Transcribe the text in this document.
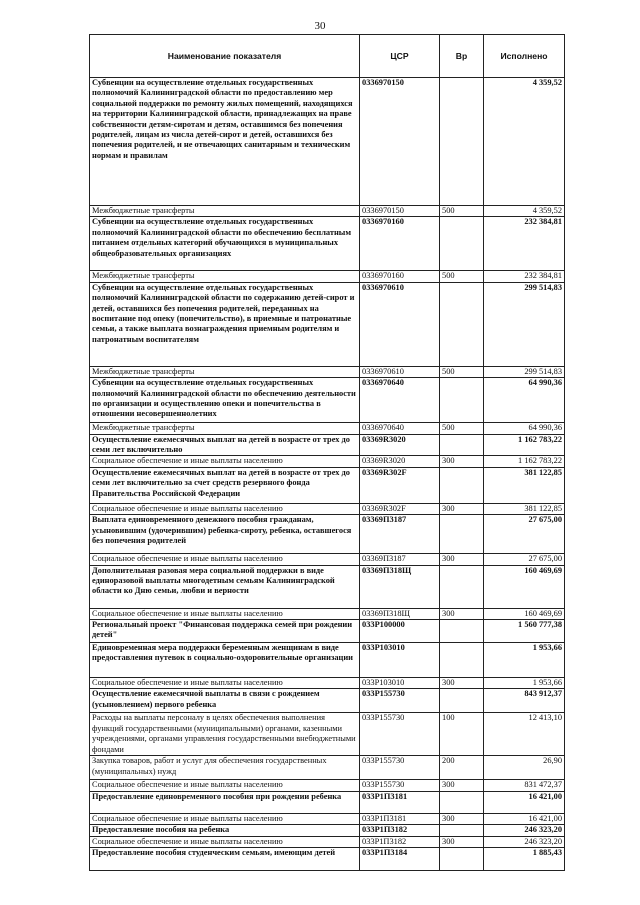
30
Наименование показателя	ЦСР	Вр	Исполнено
Субвенции на осуществление отдельных государственных полномочий Калининградской области по предоставлению мер социальной поддержки по ремонту жилых помещений, находящихся на территории Калининградской области, принадлежащих на праве собственности детям-сиротам и детям, оставшимся без попечения родителей, лицам из числа детей-сирот и детей, оставшихся без попечения родителей, и не отвечающих санитарным и техническим нормам и правилам	0336970150		4 359,52
Межбюджетные трансферты	0336970150	500	4 359,52
Субвенции на осуществление отдельных государственных полномочий Калининградской области по обеспечению бесплатным питанием отдельных категорий обучающихся в муниципальных общеобразовательных организациях	0336970160		232 384,81
Межбюджетные трансферты	0336970160	500	232 384,81
Субвенции на осуществление отдельных государственных полномочий Калининградской области по содержанию детей-сирот и детей, оставшихся без попечения родителей, переданных на воспитание под опеку (попечительство), в приемные и патронатные семьи, а также выплата вознаграждения приемным родителям и патронатным воспитателям	0336970610		299 514,83
Межбюджетные трансферты	0336970610	500	299 514,83
Субвенции на осуществление отдельных государственных полномочий Калининградской области по обеспечению деятельности по организации и осуществлению опеки и попечительства в отношении несовершеннолетних	0336970640		64 990,36
Межбюджетные трансферты	0336970640	500	64 990,36
Осуществление ежемесячных выплат на детей в возрасте от трех до семи лет включительно	03369R3020		1 162 783,22
Социальное обеспечение и иные выплаты населению	03369R3020	300	1 162 783,22
Осуществление ежемесячных выплат на детей в возрасте от трех до семи лет включительно за счет средств резервного фонда Правительства Российской Федерации	03369R302F		381 122,85
Социальное обеспечение и иные выплаты населению	03369R302F	300	381 122,85
Выплата единовременного денежного пособия гражданам, усыновившим (удочерившим) ребенка-сироту, ребенка, оставшегося без попечения родителей	03369П3187		27 675,00
Социальное обеспечение и иные выплаты населению	03369П3187	300	27 675,00
Дополнительная разовая мера социальной поддержки в виде единоразовой выплаты многодетным семьям Калининградской области ко Дню семьи, любви и верности	03369П318Щ		160 469,69
Социальное обеспечение и иные выплаты населению	03369П318Щ	300	160 469,69
Региональный проект "Финансовая поддержка семей при рождении детей"	033P100000		1 560 777,38
Единовременная мера поддержки беременным женщинам в виде предоставления путевок в социально-оздоровительные организации	033P103010		1 953,66
Социальное обеспечение и иные выплаты населению	033P103010	300	1 953,66
Осуществление ежемесячной выплаты в связи с рождением (усыновлением) первого ребенка	033P155730		843 912,37
Расходы на выплаты персоналу в целях обеспечения выполнения функций государственными (муниципальными) органами, казенными учреждениями, органами управления государственными внебюджетными фондами	033P155730	100	12 413,10
Закупка товаров, работ и услуг для обеспечения государственных (муниципальных) нужд	033P155730	200	26,90
Социальное обеспечение и иные выплаты населению	033P155730	300	831 472,37
Предоставление единовременного пособия при рождении ребенка	033P1П3181		16 421,00
Социальное обеспечение и иные выплаты населению	033P1П3181	300	16 421,00
Предоставление пособия на ребенка	033P1П3182		246 323,20
Социальное обеспечение и иные выплаты населению	033P1П3182	300	246 323,20
Предоставление пособия студенческим семьям, имеющим детей	033P1П3184		1 885,43
